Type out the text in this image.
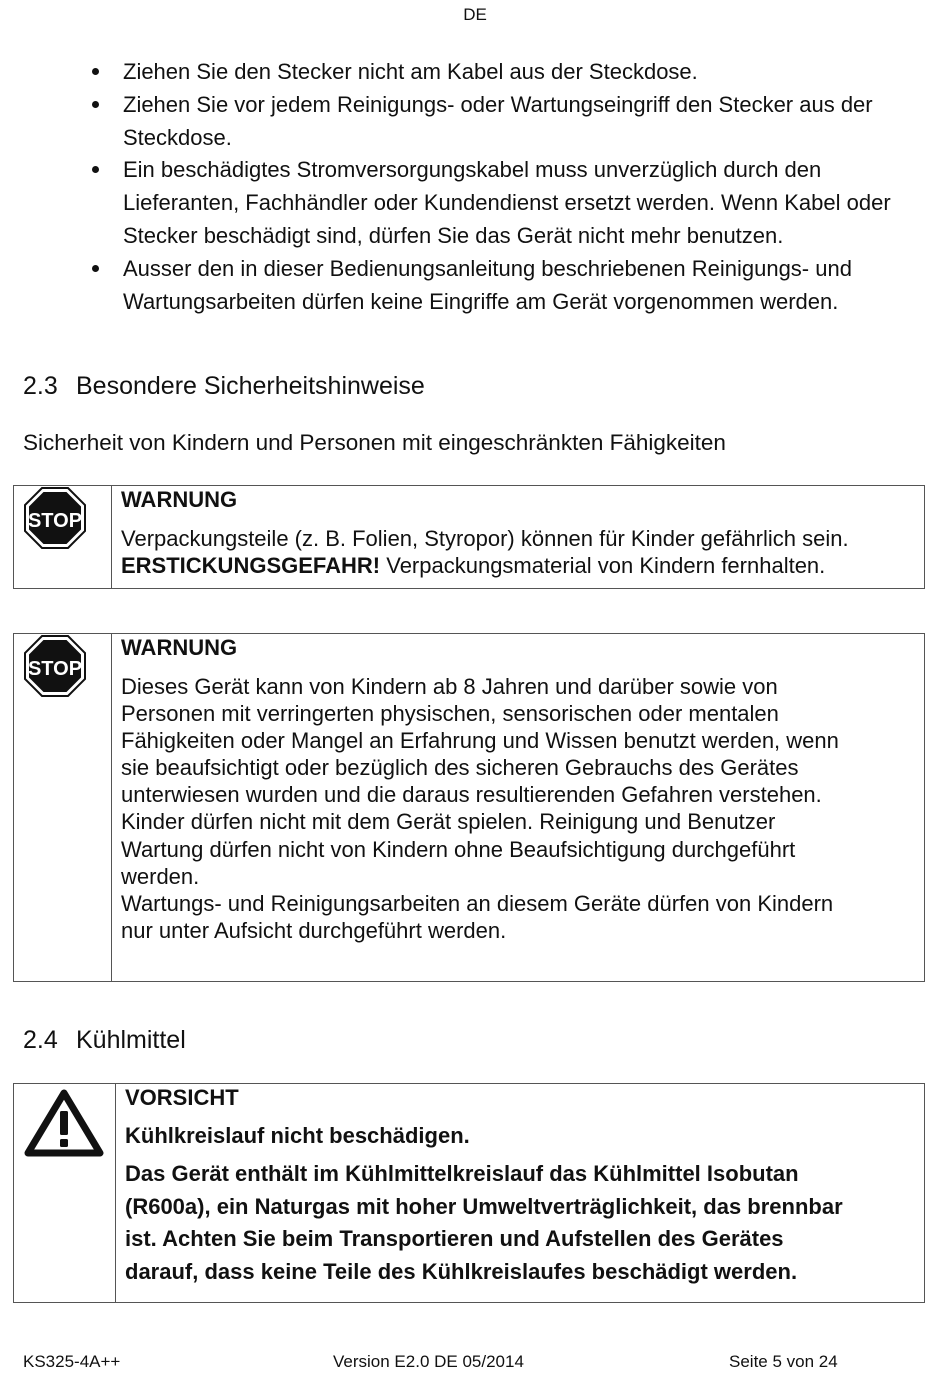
DE
Ziehen Sie den Stecker nicht am Kabel aus der Steckdose.
Ziehen Sie vor jedem Reinigungs- oder Wartungseingriff den Stecker aus der Steckdose.
Ein beschädigtes Stromversorgungskabel muss unverzüglich durch den Lieferanten, Fachhändler oder Kundendienst ersetzt werden. Wenn Kabel oder Stecker beschädigt sind, dürfen Sie das Gerät nicht mehr benutzen.
Ausser den in dieser Bedienungsanleitung beschriebenen Reinigungs- und Wartungsarbeiten dürfen keine Eingriffe am Gerät vorgenommen werden.
2.3 Besondere Sicherheitshinweise
Sicherheit von Kindern und Personen mit eingeschränkten Fähigkeiten
STOP
WARNUNG
Verpackungsteile (z. B. Folien, Styropor) können für Kinder gefährlich sein.
ERSTICKUNGSGEFAHR! Verpackungsmaterial von Kindern fernhalten.
STOP
WARNUNG
Dieses Gerät kann von Kindern ab 8 Jahren und darüber sowie von
Personen mit verringerten physischen, sensorischen oder mentalen
Fähigkeiten oder Mangel an Erfahrung und Wissen benutzt werden, wenn
sie beaufsichtigt oder bezüglich des sicheren Gebrauchs des Gerätes
unterwiesen wurden und die daraus resultierenden Gefahren verstehen.
Kinder dürfen nicht mit dem Gerät spielen. Reinigung und Benutzer
Wartung dürfen nicht von Kindern ohne Beaufsichtigung durchgeführt
werden.
Wartungs- und Reinigungsarbeiten an diesem Geräte dürfen von Kindern
nur unter Aufsicht durchgeführt werden.
2.4 Kühlmittel
VORSICHT
Kühlkreislauf nicht beschädigen.
Das Gerät enthält im Kühlmittelkreislauf das Kühlmittel Isobutan
(R600a), ein Naturgas mit hoher Umweltverträglichkeit, das brennbar
ist. Achten Sie beim Transportieren und Aufstellen des Gerätes
darauf, dass keine Teile des Kühlkreislaufes beschädigt werden.
KS325-4A++	Version E2.0 DE 05/2014	Seite 5 von 24
